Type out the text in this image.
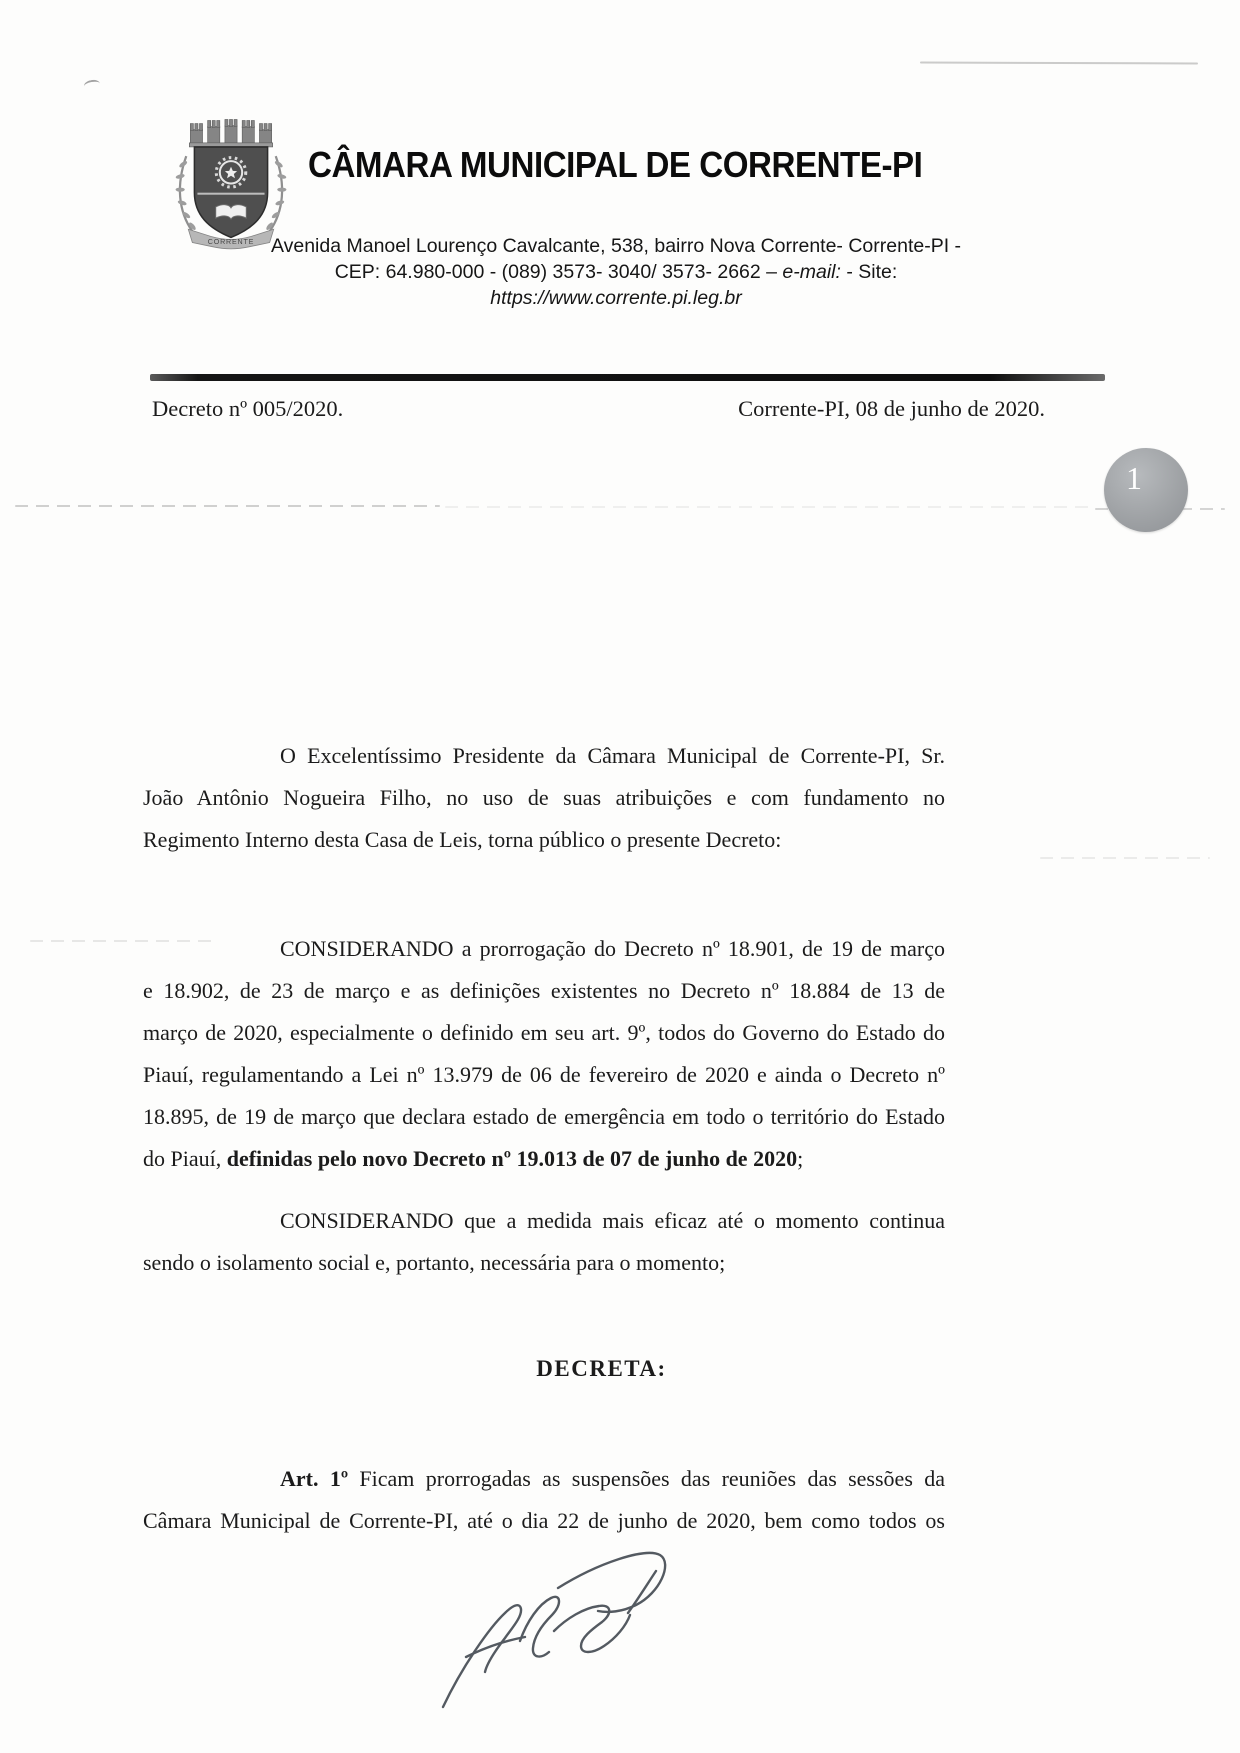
CORRENTE
CÂMARA MUNICIPAL DE CORRENTE-PI
Avenida Manoel Lourenço Cavalcante, 538, bairro Nova Corrente- Corrente-PI -
CEP: 64.980-000 - (089) 3573- 3040/ 3573- 2662 – e-mail: - Site:
https://www.corrente.pi.leg.br
Decreto nº 005/2020.	Corrente-PI, 08 de junho de 2020.
1
O Excelentíssimo Presidente da Câmara Municipal de Corrente-PI, Sr.
João Antônio Nogueira Filho, no uso de suas atribuições e com fundamento no
Regimento Interno desta Casa de Leis, torna público o presente Decreto:
CONSIDERANDO a prorrogação do Decreto nº 18.901, de 19 de março
e 18.902, de 23 de março e as definições existentes no Decreto nº 18.884 de 13 de
março de 2020, especialmente o definido em seu art. 9º, todos do Governo do Estado do
Piauí, regulamentando a Lei nº 13.979 de 06 de fevereiro de 2020 e ainda o Decreto nº
18.895, de 19 de março que declara estado de emergência em todo o território do Estado
do Piauí, definidas pelo novo Decreto nº 19.013 de 07 de junho de 2020;
CONSIDERANDO que a medida mais eficaz até o momento continua
sendo o isolamento social e, portanto, necessária para o momento;
DECRETA:
Art. 1º Ficam prorrogadas as suspensões das reuniões das sessões da
Câmara Municipal de Corrente-PI, até o dia 22 de junho de 2020, bem como todos os
